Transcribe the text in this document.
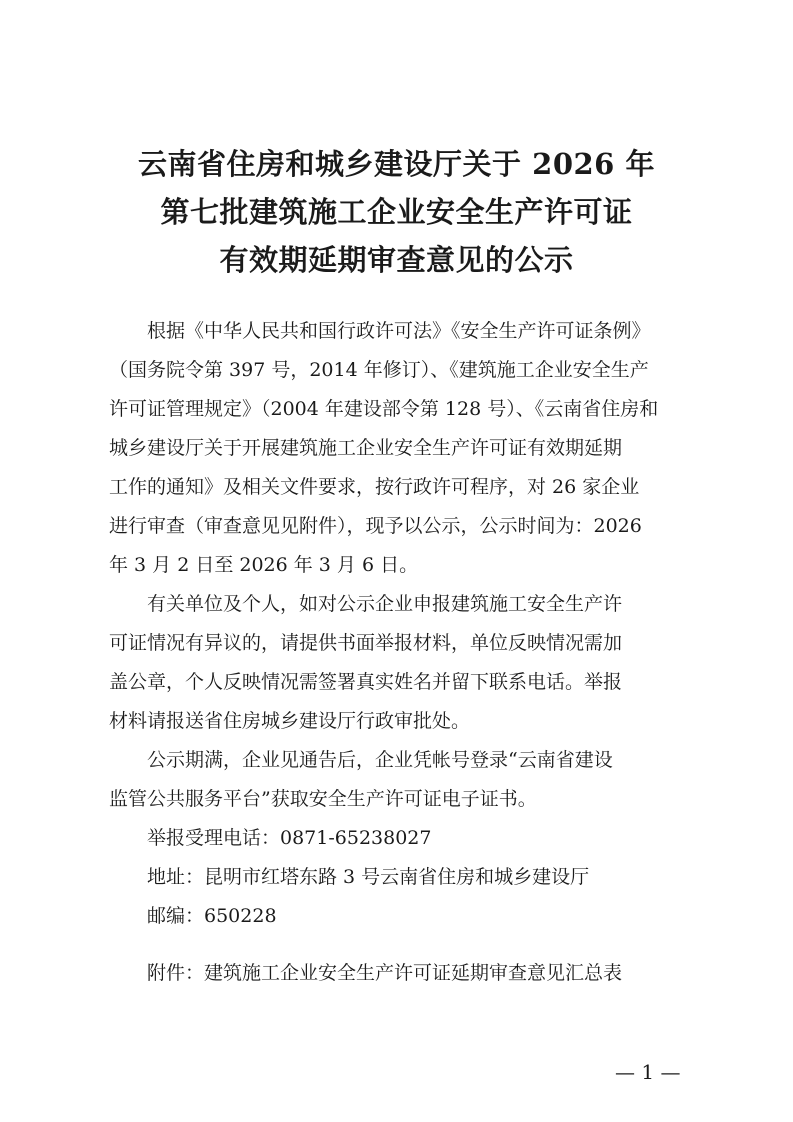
云南省住房和城乡建设厅关于 2026 年
第七批建筑施工企业安全生产许可证
有效期延期审查意见的公示
根据《中华人民共和国行政许可法》《安全生产许可证条例》
（国务院令第 397 号，2014 年修订）、《建筑施工企业安全生产
许可证管理规定》（2004 年建设部令第 128 号）、《云南省住房和
城乡建设厅关于开展建筑施工企业安全生产许可证有效期延期
工作的通知》及相关文件要求，按行政许可程序，对 26 家企业
进行审查（审查意见见附件），现予以公示，公示时间为：2026
年 3 月 2 日至 2026 年 3 月 6 日。
有关单位及个人，如对公示企业申报建筑施工安全生产许
可证情况有异议的，请提供书面举报材料，单位反映情况需加
盖公章，个人反映情况需签署真实姓名并留下联系电话。举报
材料请报送省住房城乡建设厅行政审批处。
公示期满，企业见通告后，企业凭帐号登录“云南省建设
监管公共服务平台”获取安全生产许可证电子证书。
举报受理电话：0871-65238027
地址：昆明市红塔东路 3 号云南省住房和城乡建设厅
邮编：650228
附件：建筑施工企业安全生产许可证延期审查意见汇总表
— 1 —
